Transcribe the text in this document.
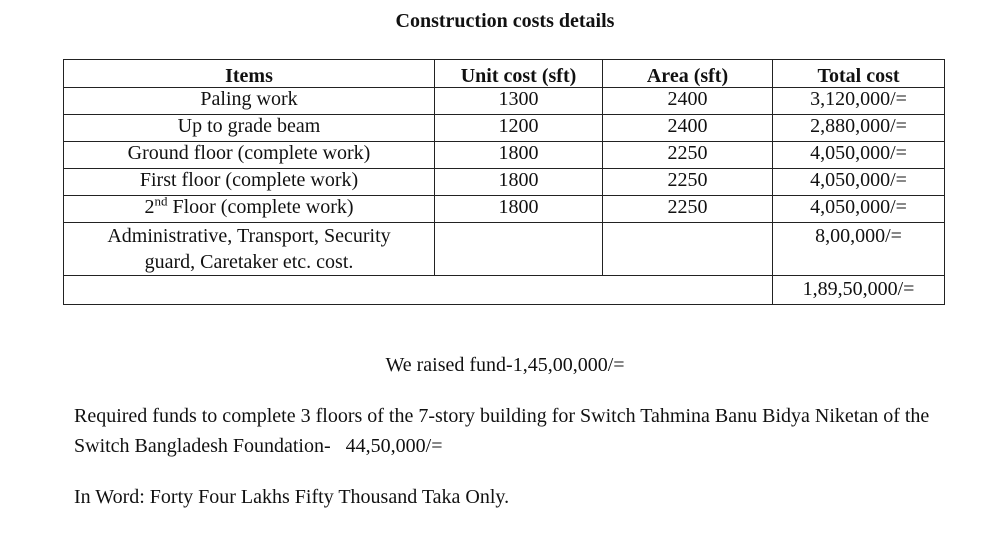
Construction costs details
Items	Unit cost (sft)	Area (sft)	Total cost
Paling work	1300	2400	3,120,000/=
Up to grade beam	1200	2400	2,880,000/=
Ground floor (complete work)	1800	2250	4,050,000/=
First floor (complete work)	1800	2250	4,050,000/=
2nd Floor (complete work)	1800	2250	4,050,000/=

Administrative, Transport, Security
guard, Caretaker etc. cost.			8,00,000/=
			1,89,50,000/=
We raised fund-1,45,00,000/=
Required funds to complete 3 floors of the 7-story building for Switch Tahmina Banu Bidya Niketan of the Switch Bangladesh Foundation-   44,50,000/=
In Word: Forty Four Lakhs Fifty Thousand Taka Only.
